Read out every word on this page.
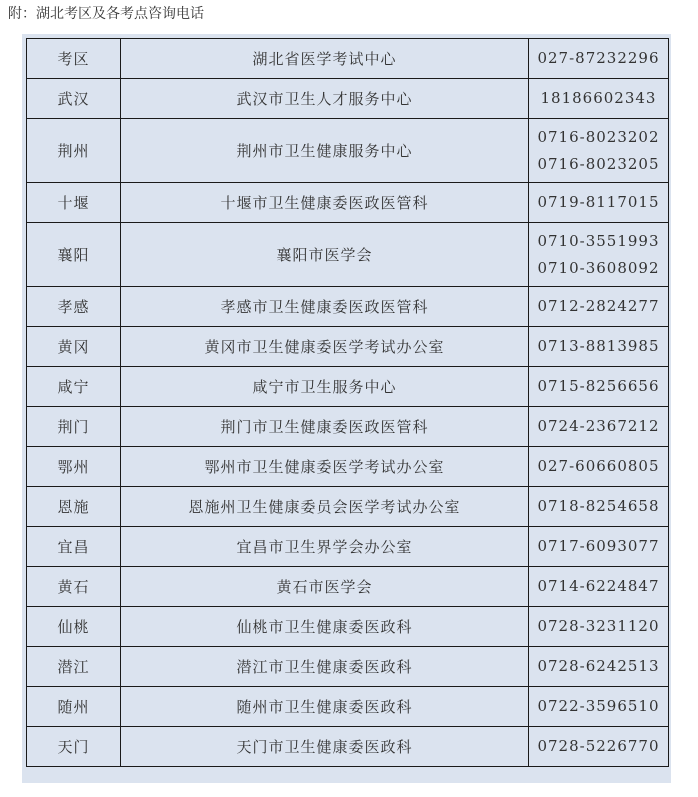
附：湖北考区及各考点咨询电话
考区	湖北省医学考试中心	027-87232296

武汉	武汉市卫生人才服务中心	18186602343

荆州	荆州市卫生健康服务中心	0716-8023202
0716-8023205

十堰	十堰市卫生健康委医政医管科	0719-8117015

襄阳	襄阳市医学会	0710-3551993
0710-3608092

孝感	孝感市卫生健康委医政医管科	0712-2824277

黄冈	黄冈市卫生健康委医学考试办公室	0713-8813985

咸宁	咸宁市卫生服务中心	0715-8256656

荆门	荆门市卫生健康委医政医管科	0724-2367212

鄂州	鄂州市卫生健康委医学考试办公室	027-60660805

恩施	恩施州卫生健康委员会医学考试办公室	0718-8254658

宜昌	宜昌市卫生界学会办公室	0717-6093077

黄石	黄石市医学会	0714-6224847

仙桃	仙桃市卫生健康委医政科	0728-3231120

潜江	潜江市卫生健康委医政科	0728-6242513

随州	随州市卫生健康委医政科	0722-3596510

天门	天门市卫生健康委医政科	0728-5226770
